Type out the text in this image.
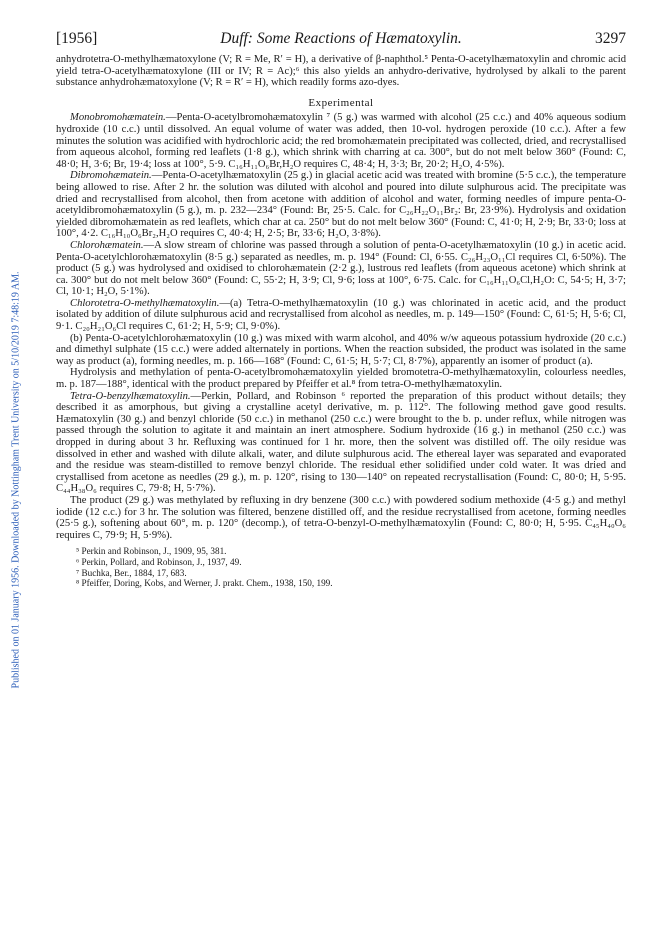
[1956]	Duff: Some Reactions of Hæmatoxylin.	3297
Published on 01 January 1956. Downloaded by Nottingham Trent University on 5/10/2019 7:48:19 AM.

anhydrotetra-O-methylhæmatoxylone (V; R = Me, R′ = H), a derivative of β-naphthol.⁵ Penta-O-acetylhæmatoxylin and chromic acid yield tetra-O-acetylhæmatoxylone (III or IV; R = Ac);⁶ this also yields an anhydro-derivative, hydrolysed by alkali to the parent substance anhydrohæmatoxylone (V; R = R′ = H), which readily forms azo-dyes.

Experimental

Monobromohæmatein.—Penta-O-acetylbromohæmatoxylin ⁷ (5 g.) was warmed with alcohol (25 c.c.) and 40% aqueous sodium hydroxide (10 c.c.) until dissolved. An equal volume of water was added, then 10-vol. hydrogen peroxide (10 c.c.). After a few minutes the solution was acidified with hydrochloric acid; the red bromohæmatein precipitated was collected, dried, and recrystallised from aqueous alcohol, forming red leaflets (1·8 g.), which shrink with charring at ca. 300°, but do not melt below 360° (Found: C, 48·0; H, 3·6; Br, 19·4; loss at 100°, 5·9. C₁₆H₁₁O₆Br,H₂O requires C, 48·4; H, 3·3; Br, 20·2; H₂O, 4·5%).

Dibromohæmatein.—Penta-O-acetylhæmatoxylin (25 g.) in glacial acetic acid was treated with bromine (5·5 c.c.), the temperature being allowed to rise. After 2 hr. the solution was diluted with alcohol and poured into dilute sulphurous acid. The precipitate was dried and recrystallised from alcohol, then from acetone with addition of alcohol and water, forming needles of impure penta-O-acetyldibromohæmatoxylin (5 g.), m. p. 232—234° (Found: Br, 25·5. Calc. for C₂₆H₂₂O₁₁Br₂: Br, 23·9%). Hydrolysis and oxidation yielded dibromohæmatein as red leaflets, which char at ca. 250° but do not melt below 360° (Found: C, 41·0; H, 2·9; Br, 33·0; loss at 100°, 4·2. C₁₆H₁₀O₆Br₂,H₂O requires C, 40·4; H, 2·5; Br, 33·6; H₂O, 3·8%).

Chlorohæmatein.—A slow stream of chlorine was passed through a solution of penta-O-acetylhæmatoxylin (10 g.) in acetic acid. Penta-O-acetylchlorohæmatoxylin (8·5 g.) separated as needles, m. p. 194° (Found: Cl, 6·55. C₂₆H₂₃O₁₁Cl requires Cl, 6·50%). The product (5 g.) was hydrolysed and oxidised to chlorohæmatein (2·2 g.), lustrous red leaflets (from aqueous acetone) which shrink at ca. 300° but do not melt below 360° (Found: C, 55·2; H, 3·9; Cl, 9·6; loss at 100°, 6·75. Calc. for C₁₆H₁₁O₆Cl,H₂O: C, 54·5; H, 3·7; Cl, 10·1; H₂O, 5·1%).

Chlorotetra-O-methylhæmatoxylin.—(a) Tetra-O-methylhæmatoxylin (10 g.) was chlorinated in acetic acid, and the product isolated by addition of dilute sulphurous acid and recrystallised from alcohol as needles, m. p. 149—150° (Found: C, 61·5; H, 5·6; Cl, 9·1. C₂₀H₂₁O₆Cl requires C, 61·2; H, 5·9; Cl, 9·0%).

(b) Penta-O-acetylchlorohæmatoxylin (10 g.) was mixed with warm alcohol, and 40% w/w aqueous potassium hydroxide (20 c.c.) and dimethyl sulphate (15 c.c.) were added alternately in portions. When the reaction subsided, the product was isolated in the same way as product (a), forming needles, m. p. 166—168° (Found: C, 61·5; H, 5·7; Cl, 8·7%), apparently an isomer of product (a).

Hydrolysis and methylation of penta-O-acetylbromohæmatoxylin yielded bromotetra-O-methylhæmatoxylin, colourless needles, m. p. 187—188°, identical with the product prepared by Pfeiffer et al.⁸ from tetra-O-methylhæmatoxylin.

Tetra-O-benzylhæmatoxylin.—Perkin, Pollard, and Robinson ⁶ reported the preparation of this product without details; they described it as amorphous, but giving a crystalline acetyl derivative, m. p. 112°. The following method gave good results. Hæmatoxylin (30 g.) and benzyl chloride (50 c.c.) in methanol (250 c.c.) were brought to the b. p. under reflux, while nitrogen was passed through the solution to agitate it and maintain an inert atmosphere. Sodium hydroxide (16 g.) in methanol (250 c.c.) was dropped in during about 3 hr. Refluxing was continued for 1 hr. more, then the solvent was distilled off. The oily residue was dissolved in ether and washed with dilute alkali, water, and dilute sulphurous acid. The ethereal layer was separated and evaporated and the residue was steam-distilled to remove benzyl chloride. The residual ether solidified under cold water. It was dried and crystallised from acetone as needles (29 g.), m. p. 120°, rising to 130—140° on repeated recrystallisation (Found: C, 80·0; H, 5·95. C₄₄H₃₈O₆ requires C, 79·8; H, 5·7%).

The product (29 g.) was methylated by refluxing in dry benzene (300 c.c.) with powdered sodium methoxide (4·5 g.) and methyl iodide (12 c.c.) for 3 hr. The solution was filtered, benzene distilled off, and the residue recrystallised from acetone, forming needles (25·5 g.), softening about 60°, m. p. 120° (decomp.), of tetra-O-benzyl-O-methylhæmatoxylin (Found: C, 80·0; H, 5·95. C₄₅H₄₀O₆ requires C, 79·9; H, 5·9%).

⁵ Perkin and Robinson, J., 1909, 95, 381.
⁶ Perkin, Pollard, and Robinson, J., 1937, 49.
⁷ Buchka, Ber., 1884, 17, 683.
⁸ Pfeiffer, Doring, Kobs, and Werner, J. prakt. Chem., 1938, 150, 199.
